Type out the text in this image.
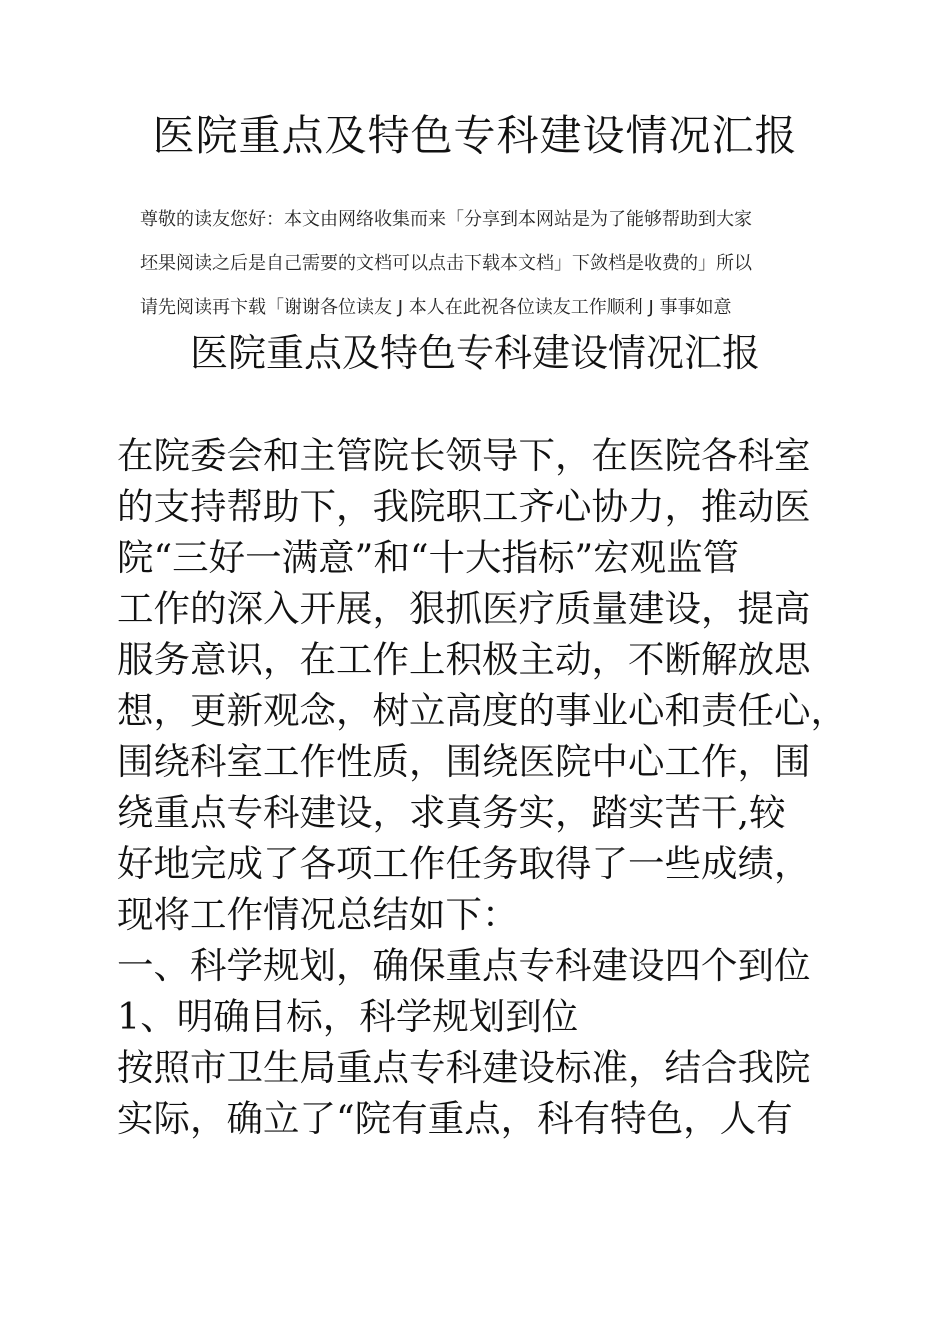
医院重点及特色专科建设情况汇报
尊敬的读友您好：本文由网络收集而来「分享到本网站是为了能够帮助到大家
坯果阅读之后是自己需要的文档可以点击下载本文档」下敛档是收费的」所以
请先阅读再卞载「谢谢各位读友 J 本人在此祝各位读友工作顺利 J 事事如意
医院重点及特色专科建设情况汇报
在院委会和主管院长领导下，在医院各科室
的支持帮助下，我院职工齐心协力，推动医
院“三好一满意”和“十大指标”宏观监管
工作的深入开展，狠抓医疗质量建设，提高
服务意识，在工作上积极主动，不断解放思
想，更新观念，树立高度的事业心和责任心，
围绕科室工作性质，围绕医院中心工作，围
绕重点专科建设，求真务实，踏实苦干,较
好地完成了各项工作任务取得了一些成绩，
现将工作情况总结如下：
一、科学规划，确保重点专科建设四个到位
1、明确目标，科学规划到位
按照市卫生局重点专科建设标准，结合我院
实际，确立了“院有重点，科有特色，人有
